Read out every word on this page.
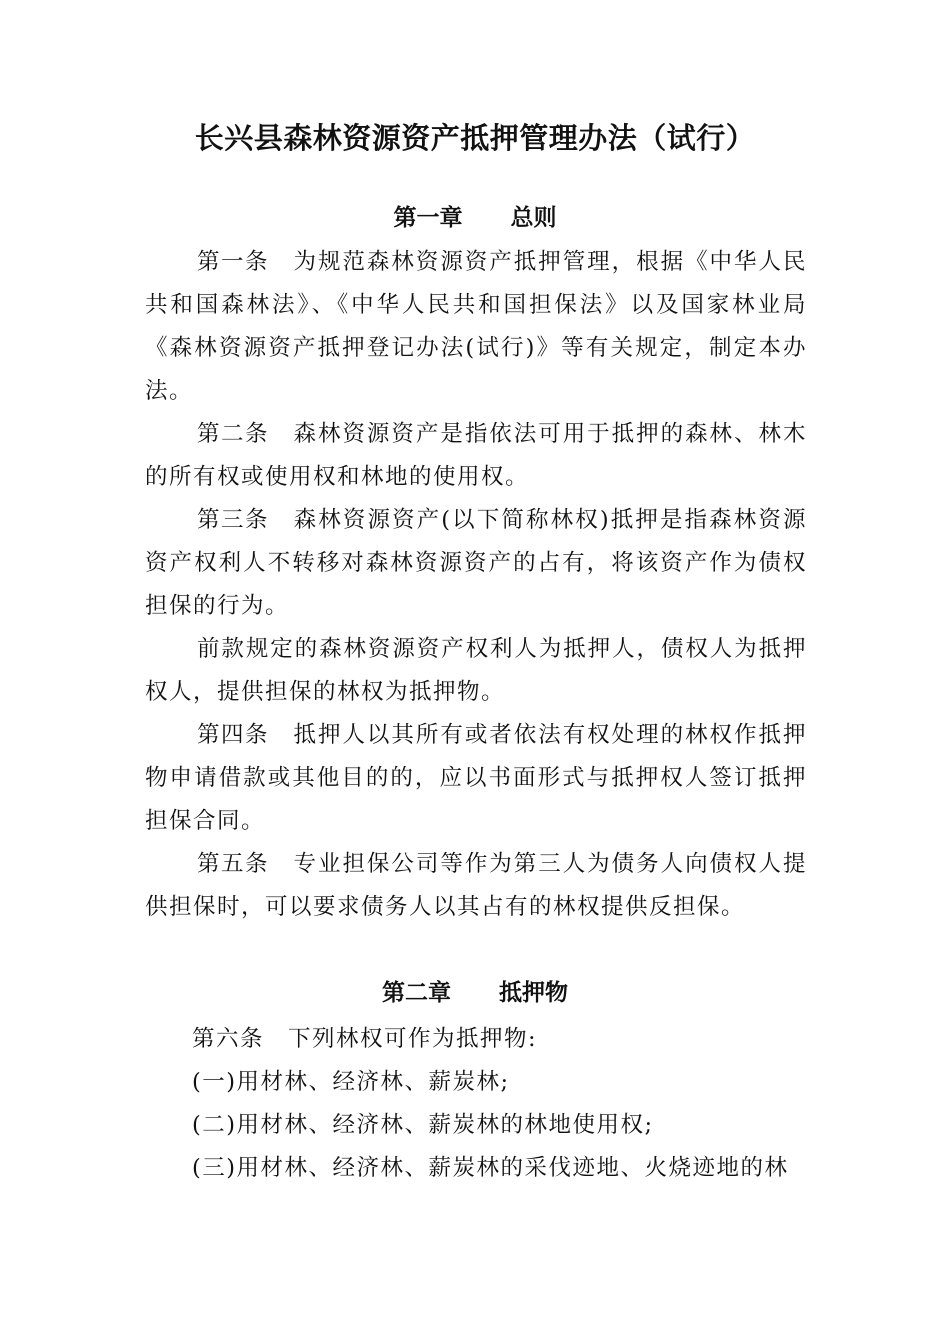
长兴县森林资源资产抵押管理办法（试行）
第一章 总则

第一条 为规范森林资源资产抵押管理，根据《中华人民共和国森林法》、《中华人民共和国担保法》以及国家林业局《森林资源资产抵押登记办法(试行)》等有关规定，制定本办法。

第二条 森林资源资产是指依法可用于抵押的森林、林木的所有权或使用权和林地的使用权。

第三条 森林资源资产(以下简称林权)抵押是指森林资源资产权利人不转移对森林资源资产的占有，将该资产作为债权担保的行为。

前款规定的森林资源资产权利人为抵押人，债权人为抵押权人，提供担保的林权为抵押物。

第四条 抵押人以其所有或者依法有权处理的林权作抵押物申请借款或其他目的的，应以书面形式与抵押权人签订抵押担保合同。

第五条 专业担保公司等作为第三人为债务人向债权人提供担保时，可以要求债务人以其占有的林权提供反担保。

第二章 抵押物

第六条 下列林权可作为抵押物:

(一)用材林、经济林、薪炭林;

(二)用材林、经济林、薪炭林的林地使用权;

(三)用材林、经济林、薪炭林的采伐迹地、火烧迹地的林
